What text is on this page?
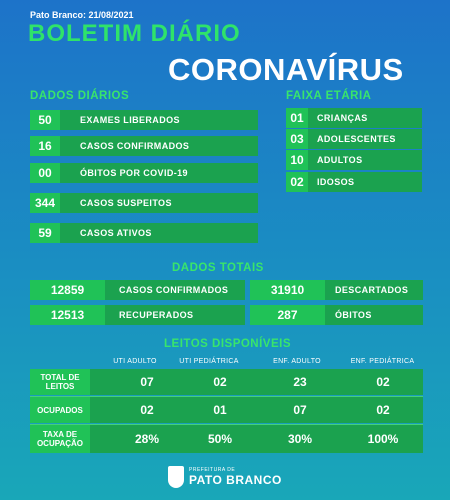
Pato Branco: 21/08/2021
BOLETIM DIÁRIO
CORONAVÍRUS
DADOS DIÁRIOS
50	EXAMES LIBERADOS
16	CASOS CONFIRMADOS
00	ÓBITOS POR COVID-19
344	CASOS SUSPEITOS
59	CASOS ATIVOS
FAIXA ETÁRIA
01	CRIANÇAS
03	ADOLESCENTES
10	ADULTOS
02	IDOSOS
DADOS TOTAIS
12859	CASOS CONFIRMADOS	31910	DESCARTADOS
12513	RECUPERADOS	287	ÓBITOS
LEITOS DISPONÍVEIS
UTI ADULTO	UTI PEDIÁTRICA	ENF. ADULTO	ENF. PEDIÁTRICA
TOTAL DE LEITOS	07	02	23	02
OCUPADOS	02	01	07	02
TAXA DE OCUPAÇÃO	28%	50%	30%	100%
PREFEITURA DE
PATO BRANCO
